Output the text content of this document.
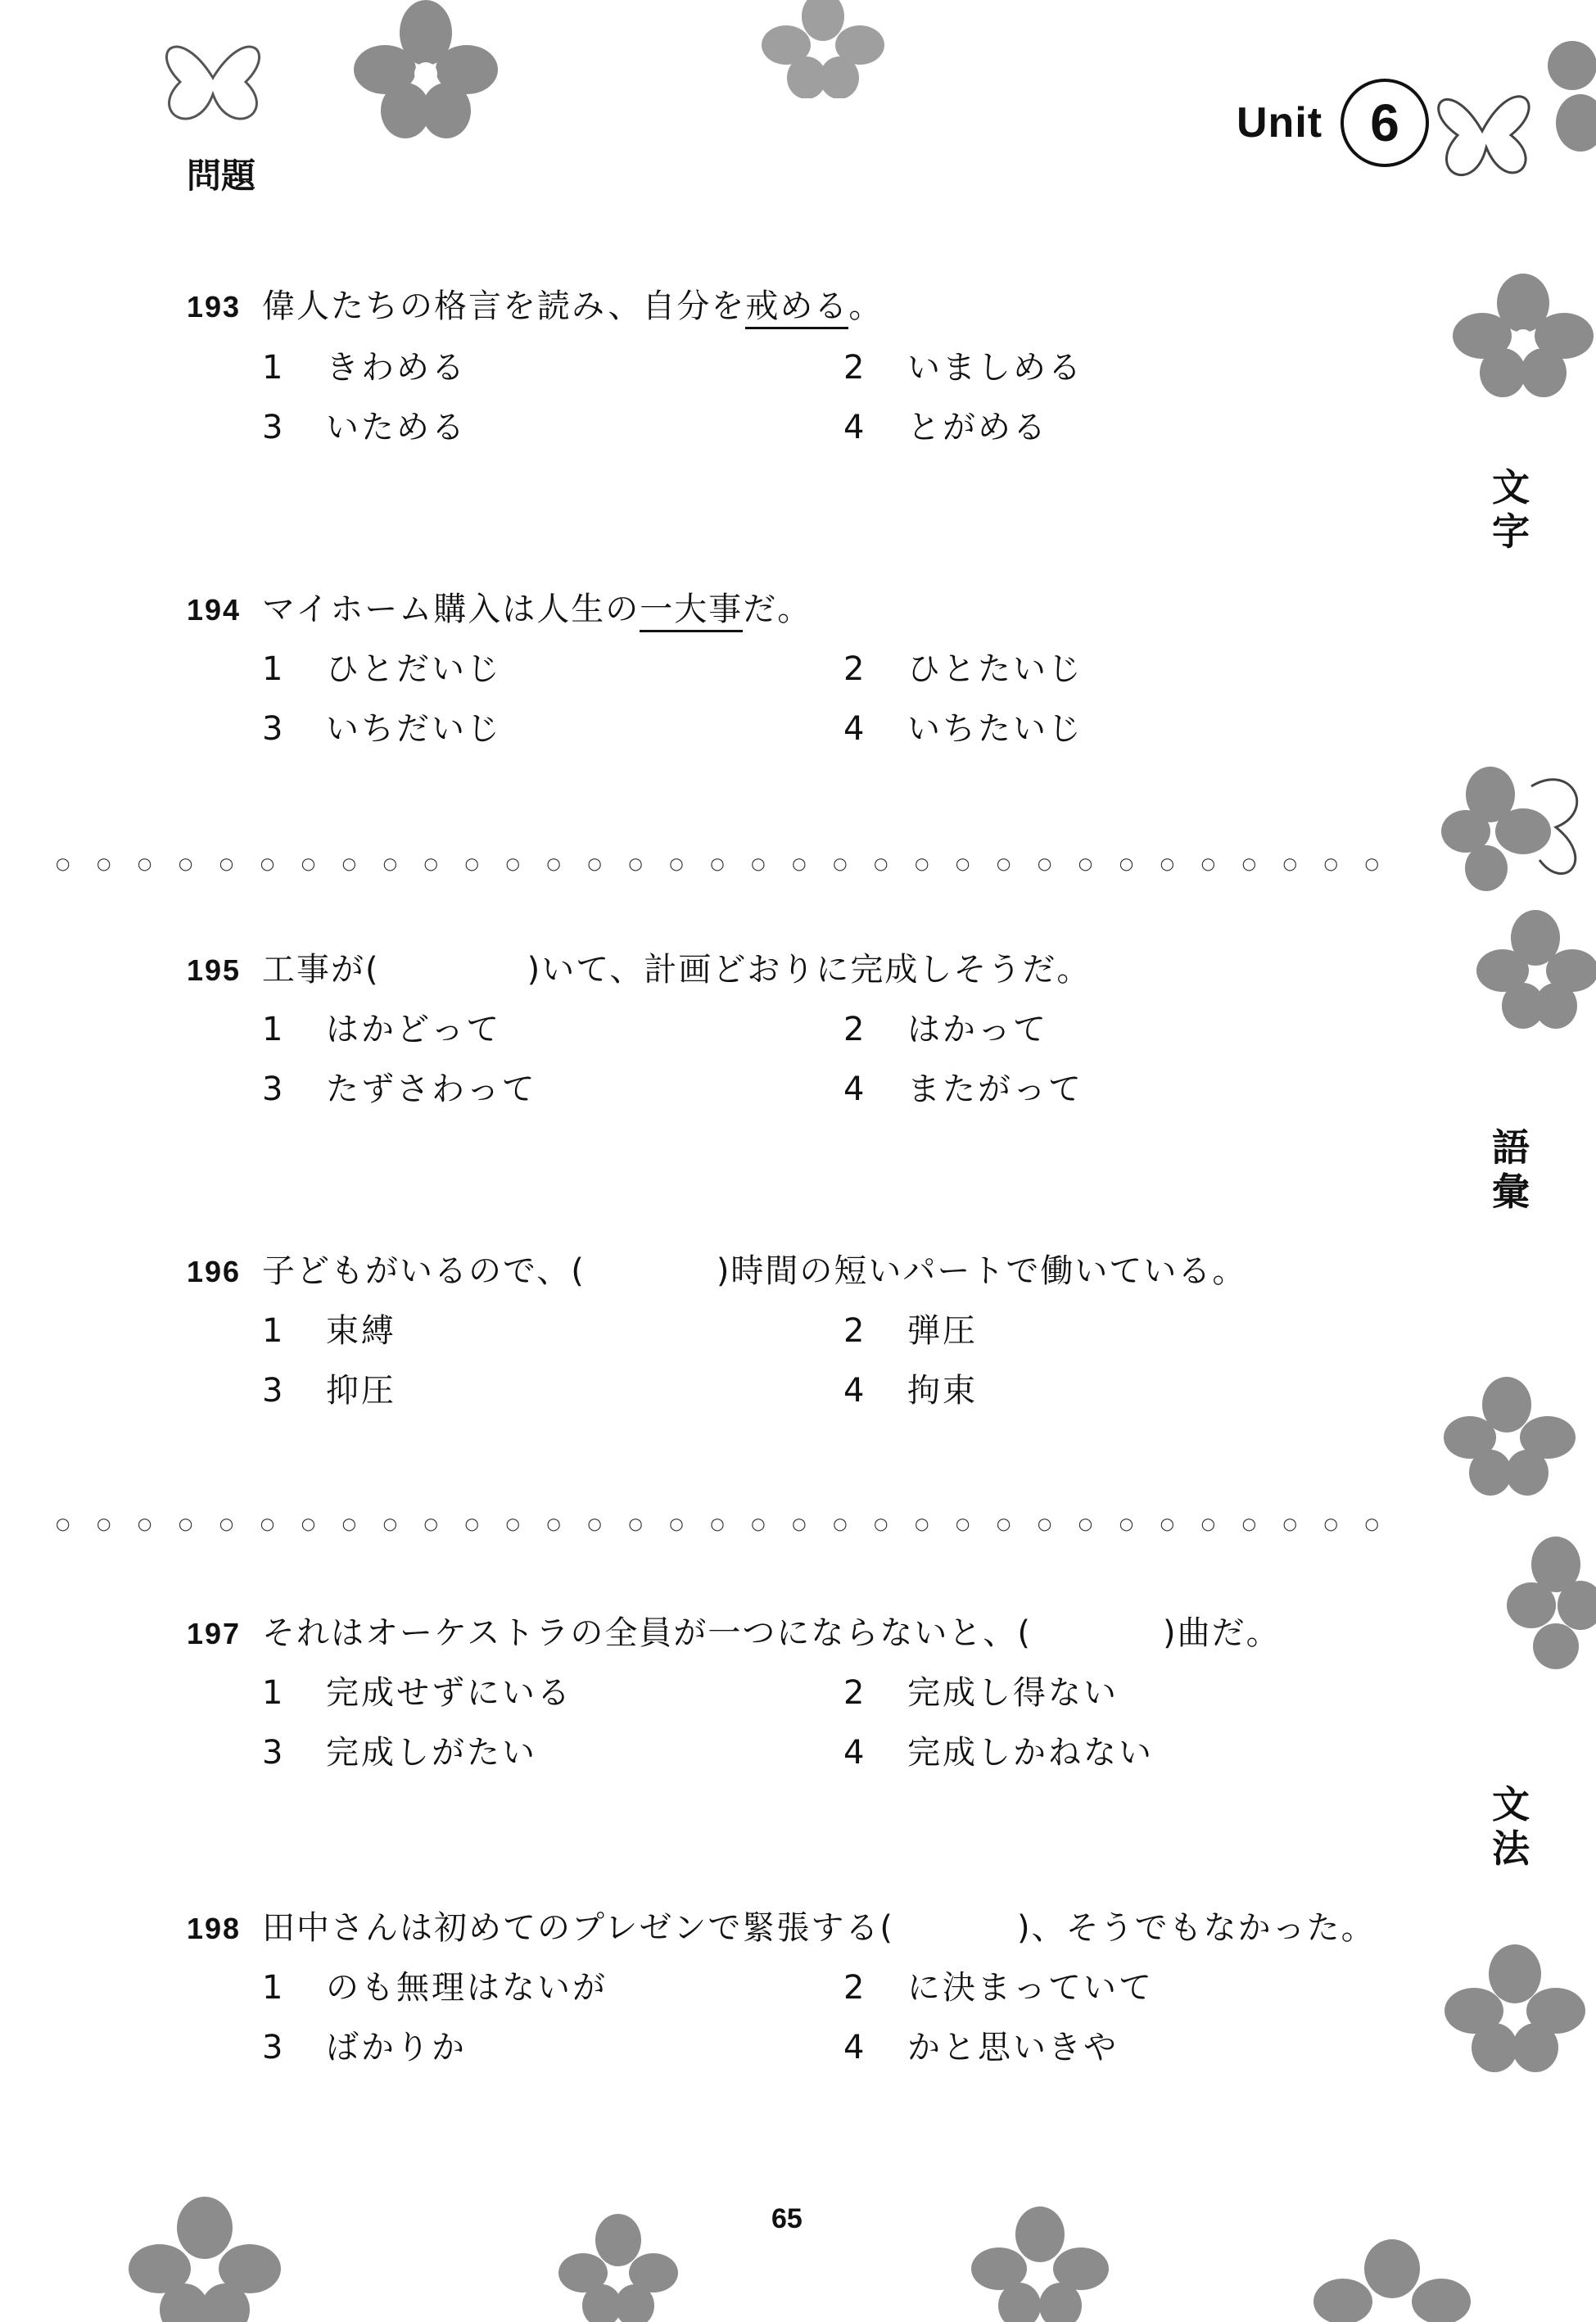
Unit 6
問題
193 偉人たちの格言を読み、自分を戒める。
1 きわめる	2 いましめる
3 いためる	4 とがめる
194 マイホーム購入は人生の一大事だ。
1 ひとだいじ	2 ひとたいじ
3 いちだいじ	4 いちたいじ
○○○○○○○○○○○○○○○○○○○○○○○○○○○○○○○○○
195 工事が(	)いて、計画どおりに完成しそうだ。
1 はかどって	2 はかって
3 たずさわって	4 またがって
196 子どもがいるので、(	)時間の短いパートで働いている。
1 束縛	2 弾圧
3 抑圧	4 拘束
○○○○○○○○○○○○○○○○○○○○○○○○○○○○○○○○○
197 それはオーケストラの全員が一つにならないと、(	)曲だ。
1 完成せずにいる	2 完成し得ない
3 完成しがたい	4 完成しかねない
198 田中さんは初めてのプレゼンで緊張する(	)、そうでもなかった。
1 のも無理はないが	2 に決まっていて
3 ばかりか	4 かと思いきや
文字
語彙
文法
65
